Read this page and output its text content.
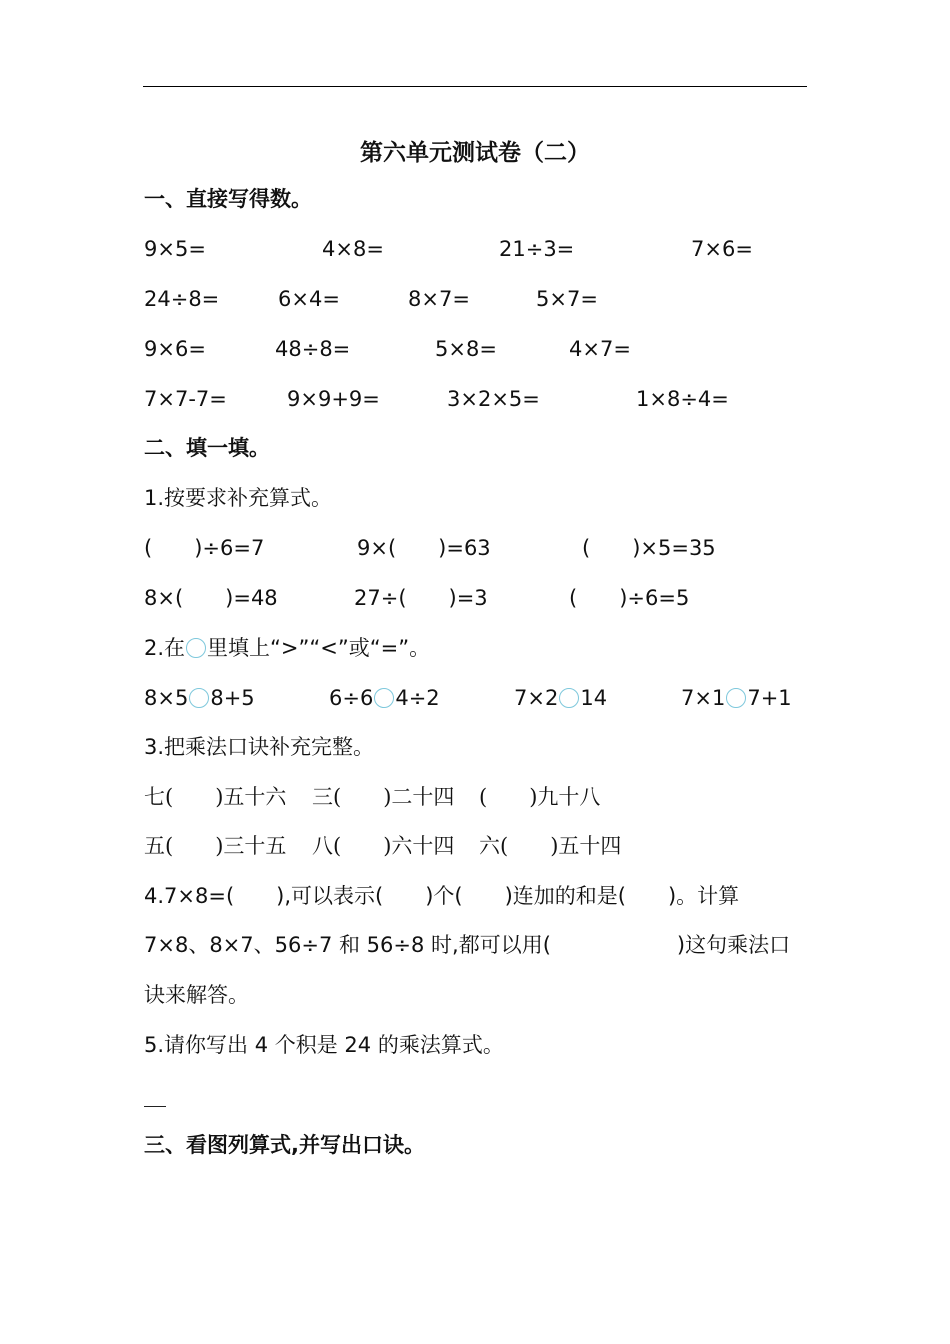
第六单元测试卷（二）
一、直接写得数。
9×5=	4×8=	21÷3=	7×6=
24÷8=	6×4=	8×7=	5×7=
9×6=	48÷8=	5×8=	4×7=
7×7-7=	9×9+9=	3×2×5=	1×8÷4=
二、填一填。
1.按要求补充算式。
(　　)÷6=7	9×(　　)=63	(　　)×5=35
8×(　　)=48	27÷(　　)=3	(　　)÷6=5
2.在 里填上“>”“<”或“=”。
8×5 8+5	6÷6 4÷2	7×2 14	7×1 7+1
3.把乘法口诀补充完整。
七(　　)五十六 三(　　)二十四 (　　)九十八
五(　　)三十五 八(　　)六十四 六(　　)五十四
4.7×8=(　　),可以表示(　　)个(　　)连加的和是(　　)。计算
7×8、8×7、56÷7 和 56÷8 时,都可以用(　　　　　　)这句乘法口
诀来解答。
5.请你写出 4 个积是 24 的乘法算式。
三、看图列算式,并写出口诀。
